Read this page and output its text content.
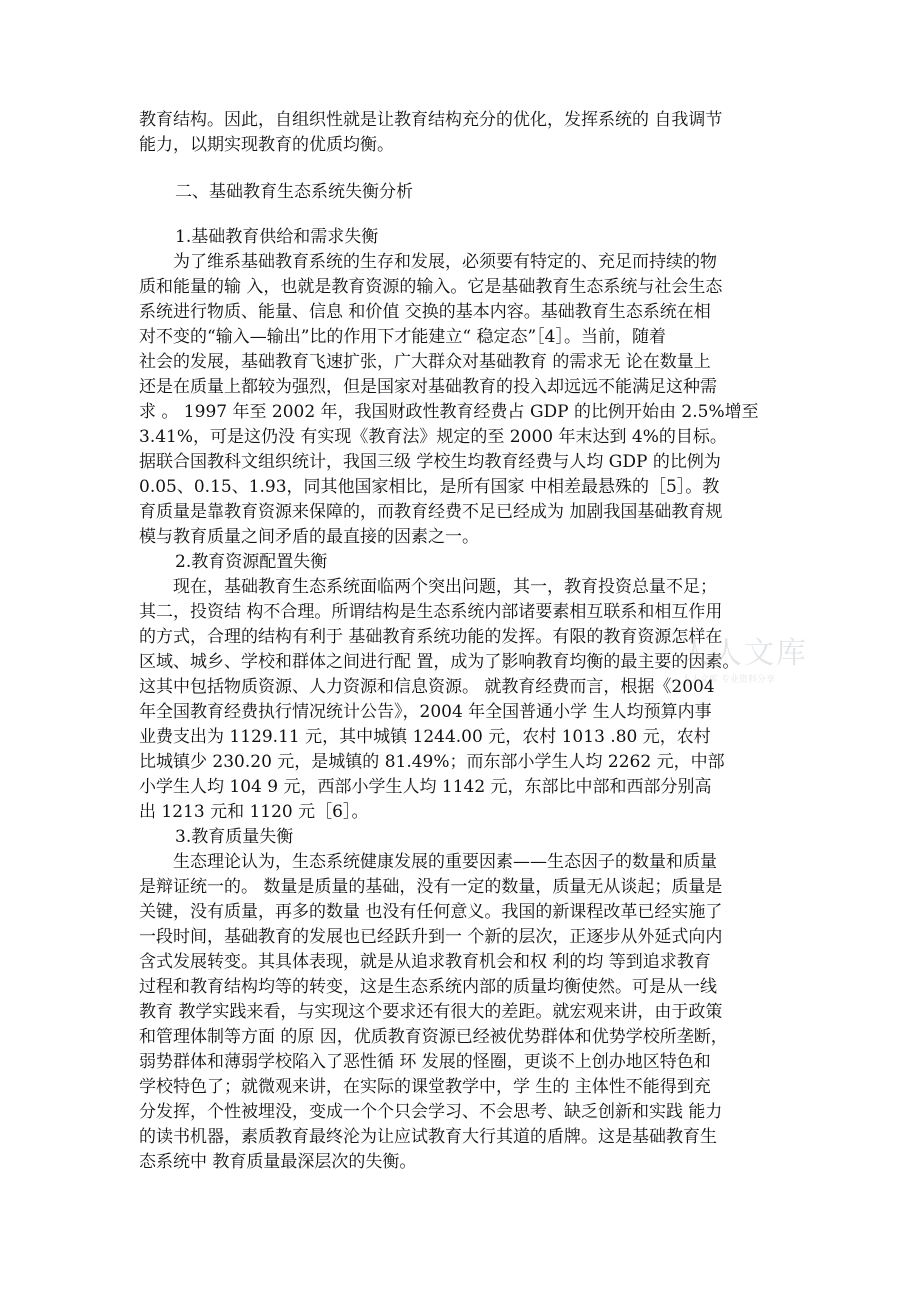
教育结构。因此，自组织性就是让教育结构充分的优化，发挥系统的 自我调节
能力，以期实现教育的优质均衡。
二、基础教育生态系统失衡分析
1.基础教育供给和需求失衡
为了维系基础教育系统的生存和发展，必须要有特定的、充足而持续的物
质和能量的输 入，也就是教育资源的输入。它是基础教育生态系统与社会生态
系统进行物质、能量、信息 和价值 交换的基本内容。基础教育生态系统在相
对不变的“输入—输出”比的作用下才能建立“ 稳定态”［4］。当前，随着
社会的发展，基础教育飞速扩张，广大群众对基础教育 的需求无 论在数量上
还是在质量上都较为强烈，但是国家对基础教育的投入却远远不能满足这种需
求 。 1997 年至 2002 年，我国财政性教育经费占 GDP 的比例开始由 2.5%增至
3.41%，可是这仍没 有实现《教育法》规定的至 2000 年末达到 4%的目标。
据联合国教科文组织统计，我国三级 学校生均教育经费与人均 GDP 的比例为
0.05、0.15、1.93，同其他国家相比，是所有国家 中相差最悬殊的［5］。教
育质量是靠教育资源来保障的，而教育经费不足已经成为 加剧我国基础教育规
模与教育质量之间矛盾的最直接的因素之一。
2.教育资源配置失衡
现在，基础教育生态系统面临两个突出问题，其一，教育投资总量不足；
其二，投资结 构不合理。所谓结构是生态系统内部诸要素相互联系和相互作用
的方式，合理的结构有利于 基础教育系统功能的发挥。有限的教育资源怎样在
区域、城乡、学校和群体之间进行配 置，成为了影响教育均衡的最主要的因素。
这其中包括物质资源、人力资源和信息资源。 就教育经费而言，根据《2004
年全国教育经费执行情况统计公告》，2004 年全国普通小学 生人均预算内事
业费支出为 1129.11 元，其中城镇 1244.00 元，农村 1013 .80 元，农村
比城镇少 230.20 元，是城镇的 81.49%；而东部小学生人均 2262 元，中部
小学生人均 104 9 元，西部小学生人均 1142 元，东部比中部和西部分别高
出 1213 元和 1120 元［6］。
3.教育质量失衡
生态理论认为，生态系统健康发展的重要因素——生态因子的数量和质量
是辩证统一的。 数量是质量的基础，没有一定的数量，质量无从谈起；质量是
关键，没有质量，再多的数量 也没有任何意义。我国的新课程改革已经实施了
一段时间，基础教育的发展也已经跃升到一 个新的层次，正逐步从外延式向内
含式发展转变。其具体表现，就是从追求教育机会和权 利的均 等到追求教育
过程和教育结构均等的转变，这是生态系统内部的质量均衡使然。可是从一线
教育 教学实践来看，与实现这个要求还有很大的差距。就宏观来讲，由于政策
和管理体制等方面 的原 因，优质教育资源已经被优势群体和优势学校所垄断，
弱势群体和薄弱学校陷入了恶性循 环 发展的怪圈，更谈不上创办地区特色和
学校特色了；就微观来讲，在实际的课堂教学中，学 生的 主体性不能得到充
分发挥，个性被埋没，变成一个个只会学习、不会思考、缺乏创新和实践 能力
的读书机器，素质教育最终沦为让应试教育大行其道的盾牌。这是基础教育生
态系统中 教育质量最深层次的失衡。
人人文库
人人文库 专业资料分享
